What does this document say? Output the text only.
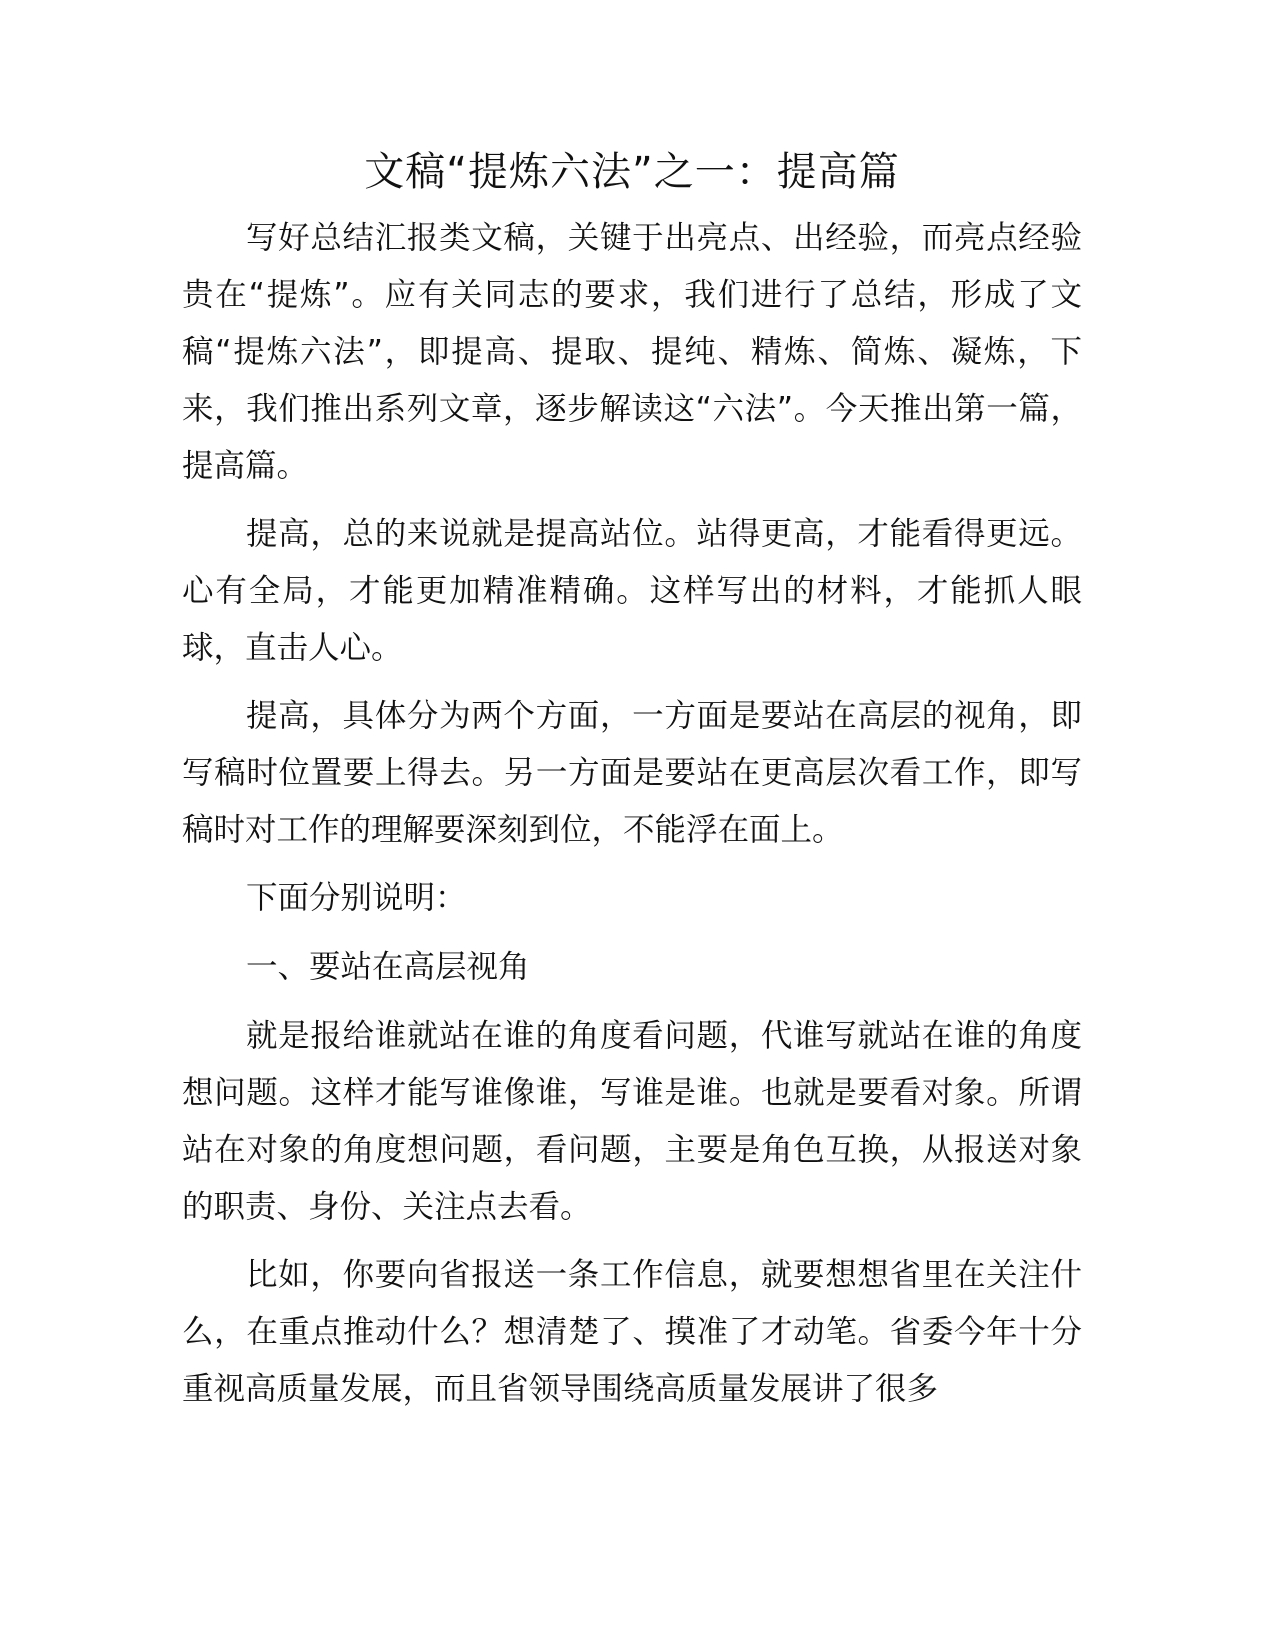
文稿“提炼六法”之一：提高篇

写好总结汇报类文稿，关键于出亮点、出经验，而亮点经验贵在“提炼”。应有关同志的要求，我们进行了总结，形成了文稿“提炼六法”，即提高、提取、提纯、精炼、简炼、凝炼，下来，我们推出系列文章，逐步解读这“六法”。今天推出第一篇，提高篇。

提高，总的来说就是提高站位。站得更高，才能看得更远。心有全局，才能更加精准精确。这样写出的材料，才能抓人眼球，直击人心。

提高，具体分为两个方面，一方面是要站在高层的视角，即写稿时位置要上得去。另一方面是要站在更高层次看工作，即写稿时对工作的理解要深刻到位，不能浮在面上。

下面分别说明：

一、要站在高层视角

就是报给谁就站在谁的角度看问题，代谁写就站在谁的角度想问题。这样才能写谁像谁，写谁是谁。也就是要看对象。所谓站在对象的角度想问题，看问题，主要是角色互换，从报送对象的职责、身份、关注点去看。

比如，你要向省报送一条工作信息，就要想想省里在关注什么，在重点推动什么？想清楚了、摸准了才动笔。省委今年十分重视高质量发展，而且省领导围绕高质量发展讲了很多
